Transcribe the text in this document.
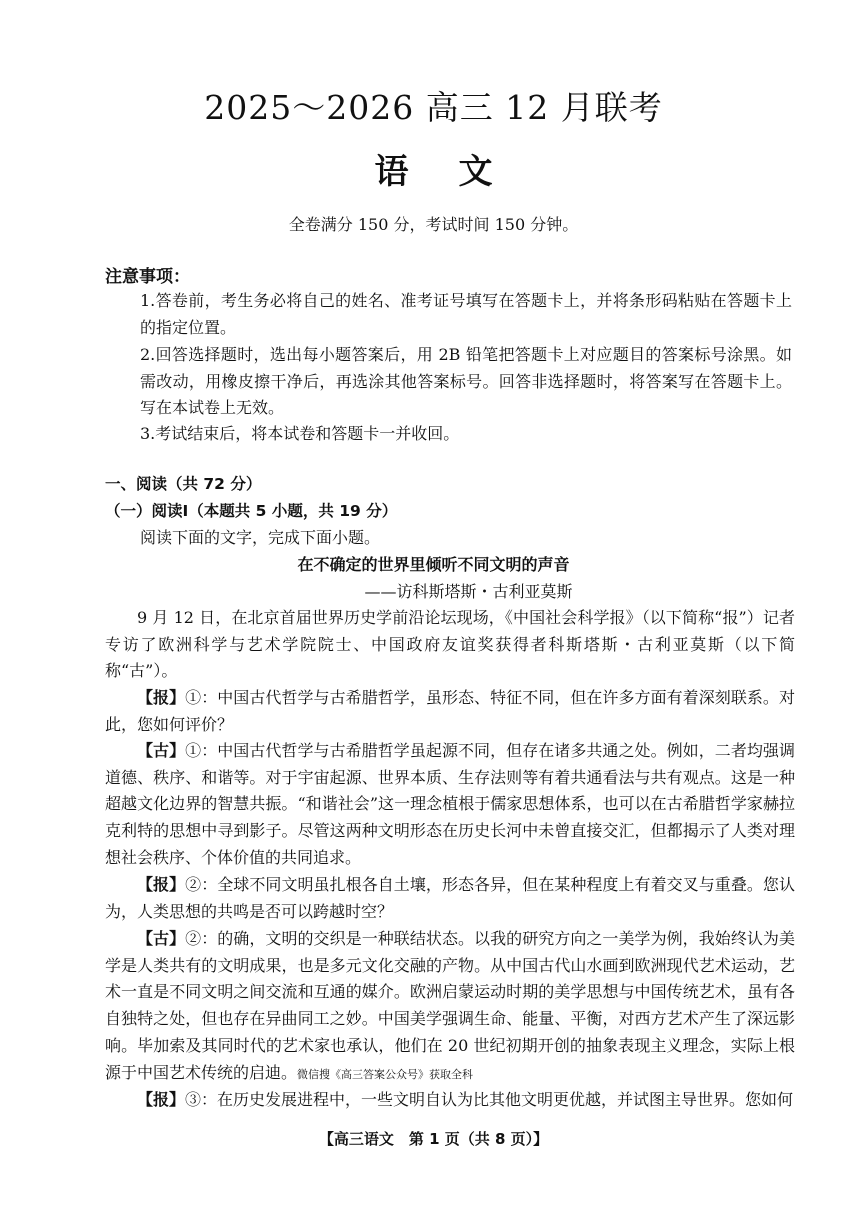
2025～2026 高三 12 月联考
语文
全卷满分 150 分，考试时间 150 分钟。
注意事项：
1.答卷前，考生务必将自己的姓名、准考证号填写在答题卡上，并将条形码粘贴在答题卡上的指定位置。
2.回答选择题时，选出每小题答案后，用 2B 铅笔把答题卡上对应题目的答案标号涂黑。如需改动，用橡皮擦干净后，再选涂其他答案标号。回答非选择题时，将答案写在答题卡上。写在本试卷上无效。
3.考试结束后，将本试卷和答题卡一并收回。
一、阅读（共 72 分）
（一）阅读Ⅰ（本题共 5 小题，共 19 分）
阅读下面的文字，完成下面小题。
在不确定的世界里倾听不同文明的声音
——访科斯塔斯・古利亚莫斯
9 月 12 日，在北京首届世界历史学前沿论坛现场，《中国社会科学报》（以下简称“报”）记者专访了欧洲科学与艺术学院院士、中国政府友谊奖获得者科斯塔斯・古利亚莫斯（以下简称“古”）。
【报】①：中国古代哲学与古希腊哲学，虽形态、特征不同，但在许多方面有着深刻联系。对此，您如何评价？
【古】①：中国古代哲学与古希腊哲学虽起源不同，但存在诸多共通之处。例如，二者均强调道德、秩序、和谐等。对于宇宙起源、世界本质、生存法则等有着共通看法与共有观点。这是一种超越文化边界的智慧共振。“和谐社会”这一理念植根于儒家思想体系，也可以在古希腊哲学家赫拉克利特的思想中寻到影子。尽管这两种文明形态在历史长河中未曾直接交汇，但都揭示了人类对理想社会秩序、个体价值的共同追求。
【报】②：全球不同文明虽扎根各自土壤，形态各异，但在某种程度上有着交叉与重叠。您认为，人类思想的共鸣是否可以跨越时空？
【古】②：的确，文明的交织是一种联结状态。以我的研究方向之一美学为例，我始终认为美学是人类共有的文明成果，也是多元文化交融的产物。从中国古代山水画到欧洲现代艺术运动，艺术一直是不同文明之间交流和互通的媒介。欧洲启蒙运动时期的美学思想与中国传统艺术，虽有各自独特之处，但也存在异曲同工之妙。中国美学强调生命、能量、平衡，对西方艺术产生了深远影响。毕加索及其同时代的艺术家也承认，他们在 20 世纪初期开创的抽象表现主义理念，实际上根源于中国艺术传统的启迪。微信搜《高三答案公众号》获取全科
【报】③：在历史发展进程中，一些文明自认为比其他文明更优越，并试图主导世界。您如何
【高三语文　第 1 页（共 8 页）】
